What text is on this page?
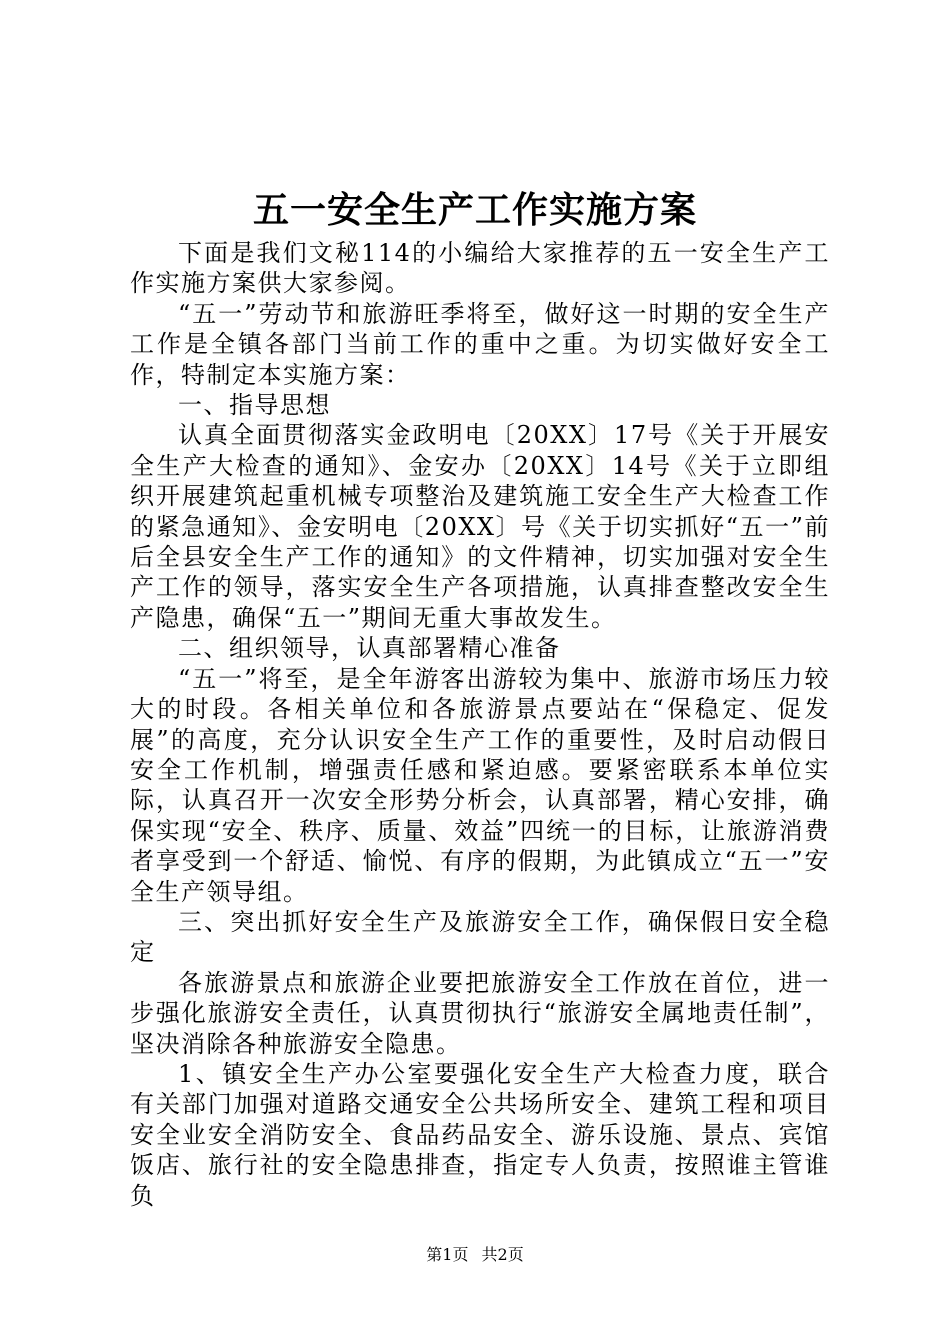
五一安全生产工作实施方案

下面是我们文秘114的小编给大家推荐的五一安全生产工作实施方案供大家参阅。

“五一”劳动节和旅游旺季将至，做好这一时期的安全生产工作是全镇各部门当前工作的重中之重。为切实做好安全工作，特制定本实施方案：

一、指导思想

认真全面贯彻落实金政明电〔20XX〕17号《关于开展安全生产大检查的通知》、金安办〔20XX〕14号《关于立即组织开展建筑起重机械专项整治及建筑施工安全生产大检查工作的紧急通知》、金安明电〔20XX〕号《关于切实抓好“五一”前后全县安全生产工作的通知》的文件精神，切实加强对安全生产工作的领导，落实安全生产各项措施，认真排查整改安全生产隐患，确保“五一”期间无重大事故发生。

二、组织领导，认真部署精心准备

“五一”将至，是全年游客出游较为集中、旅游市场压力较大的时段。各相关单位和各旅游景点要站在“保稳定、促发展”的高度，充分认识安全生产工作的重要性，及时启动假日安全工作机制，增强责任感和紧迫感。要紧密联系本单位实际，认真召开一次安全形势分析会，认真部署，精心安排，确保实现“安全、秩序、质量、效益”四统一的目标，让旅游消费者享受到一个舒适、愉悦、有序的假期，为此镇成立“五一”安全生产领导组。

三、突出抓好安全生产及旅游安全工作，确保假日安全稳定

各旅游景点和旅游企业要把旅游安全工作放在首位，进一步强化旅游安全责任，认真贯彻执行“旅游安全属地责任制”，坚决消除各种旅游安全隐患。

1、镇安全生产办公室要强化安全生产大检查力度，联合有关部门加强对道路交通安全公共场所安全、建筑工程和项目安全业安全消防安全、食品药品安全、游乐设施、景点、宾馆饭店、旅行社的安全隐患排查，指定专人负责，按照谁主管谁负

第1页 共2页
